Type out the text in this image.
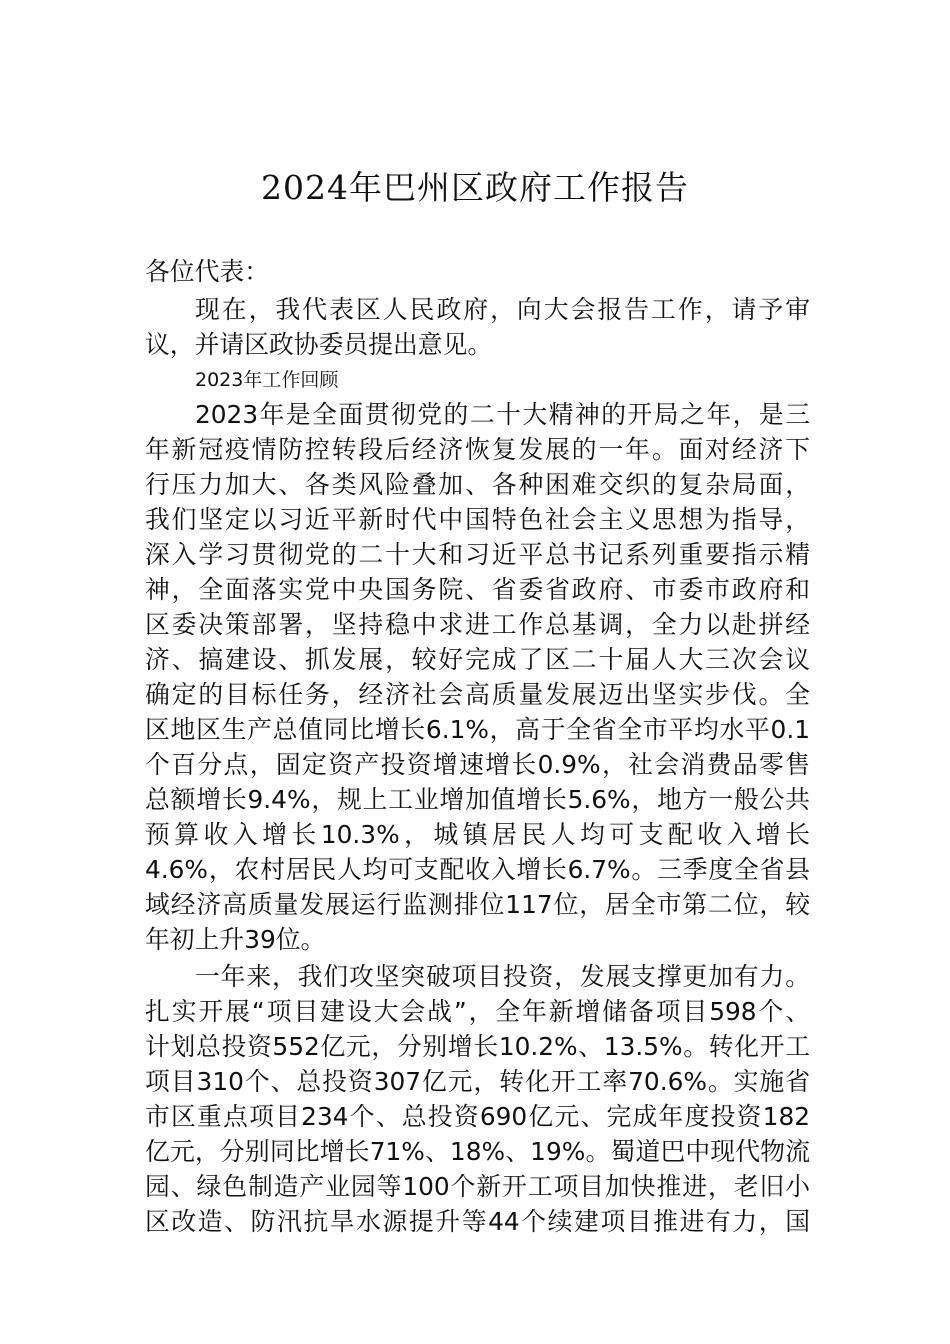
2024年巴州区政府工作报告
各位代表：
现在，我代表区人民政府，向大会报告工作，请予审
议，并请区政协委员提出意见。
2023年工作回顾
2023年是全面贯彻党的二十大精神的开局之年，是三
年新冠疫情防控转段后经济恢复发展的一年。面对经济下
行压力加大、各类风险叠加、各种困难交织的复杂局面，
我们坚定以习近平新时代中国特色社会主义思想为指导，
深入学习贯彻党的二十大和习近平总书记系列重要指示精
神，全面落实党中央国务院、省委省政府、市委市政府和
区委决策部署，坚持稳中求进工作总基调，全力以赴拼经
济、搞建设、抓发展，较好完成了区二十届人大三次会议
确定的目标任务，经济社会高质量发展迈出坚实步伐。全
区地区生产总值同比增长6.1%，高于全省全市平均水平0.1
个百分点，固定资产投资增速增长0.9%，社会消费品零售
总额增长9.4%，规上工业增加值增长5.6%，地方一般公共
预算收入增长10.3%，城镇居民人均可支配收入增长
4.6%，农村居民人均可支配收入增长6.7%。三季度全省县
域经济高质量发展运行监测排位117位，居全市第二位，较
年初上升39位。
一年来，我们攻坚突破项目投资，发展支撑更加有力。
扎实开展“项目建设大会战”，全年新增储备项目598个、
计划总投资552亿元，分别增长10.2%、13.5%。转化开工
项目310个、总投资307亿元，转化开工率70.6%。实施省
市区重点项目234个、总投资690亿元、完成年度投资182
亿元，分别同比增长71%、18%、19%。蜀道巴中现代物流
园、绿色制造产业园等100个新开工项目加快推进，老旧小
区改造、防汛抗旱水源提升等44个续建项目推进有力，国
